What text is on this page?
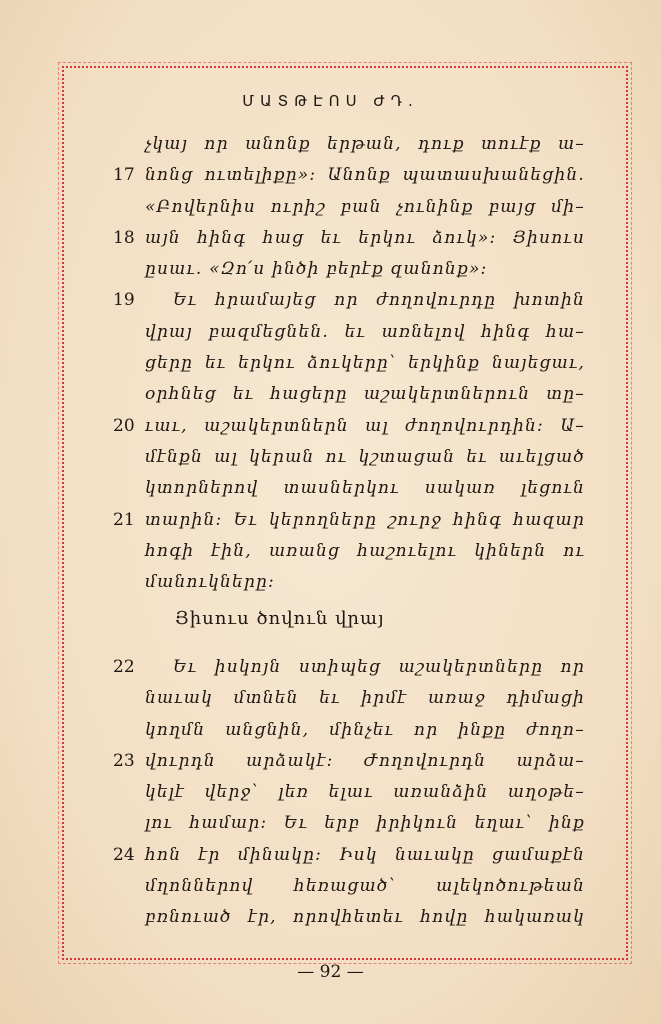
ՄԱՏԹԷՈՍ ԺԴ.
17
18
19
20
21
չկայ որ անոնք երթան, դուք տուէք ա–
նոնց ուտելիքը»: Անոնք պատասխանեցին.
«Բովերնիս ուրիշ բան չունինք բայց մի–
այն հինգ հաց եւ երկու ձուկ»: Յիսուս
ըսաւ. «Զո՛ս ինծի բերէք զանոնք»:
Եւ հրամայեց որ ժողովուրդը խոտին
վրայ բազմեցնեն. եւ առնելով հինգ հա–
ցերը եւ երկու ձուկերը՝ երկինք նայեցաւ,
օրհնեց եւ հացերը աշակերտներուն տը–
ւաւ, աշակերտներն ալ ժողովուրդին: Ա–
մէնքն ալ կերան ու կշտացան եւ աւելցած
կտորներով տասներկու սակառ լեցուն
տարին: Եւ կերողները շուրջ հինգ հազար
հոգի էին, առանց հաշուելու կիներն ու
մանուկները:
Յիսուս ծովուն վրայ
22
23
24
Եւ իսկոյն ստիպեց աշակերտները որ
նաւակ մտնեն եւ իրմէ առաջ դիմացի
կողմն անցնին, մինչեւ որ ինքը ժողո–
վուրդն արձակէ: Ժողովուրդն արձա–
կելէ վերջ՝ լեռ ելաւ առանձին աղօթե–
լու համար: Եւ երբ իրիկուն եղաւ՝ ինք
հոն էր մինակը: Իսկ նաւակը ցամաքէն
մղոններով հեռացած՝ ալեկոծութեան
բռնուած էր, որովհետեւ հովը հակառակ
— 92 —
